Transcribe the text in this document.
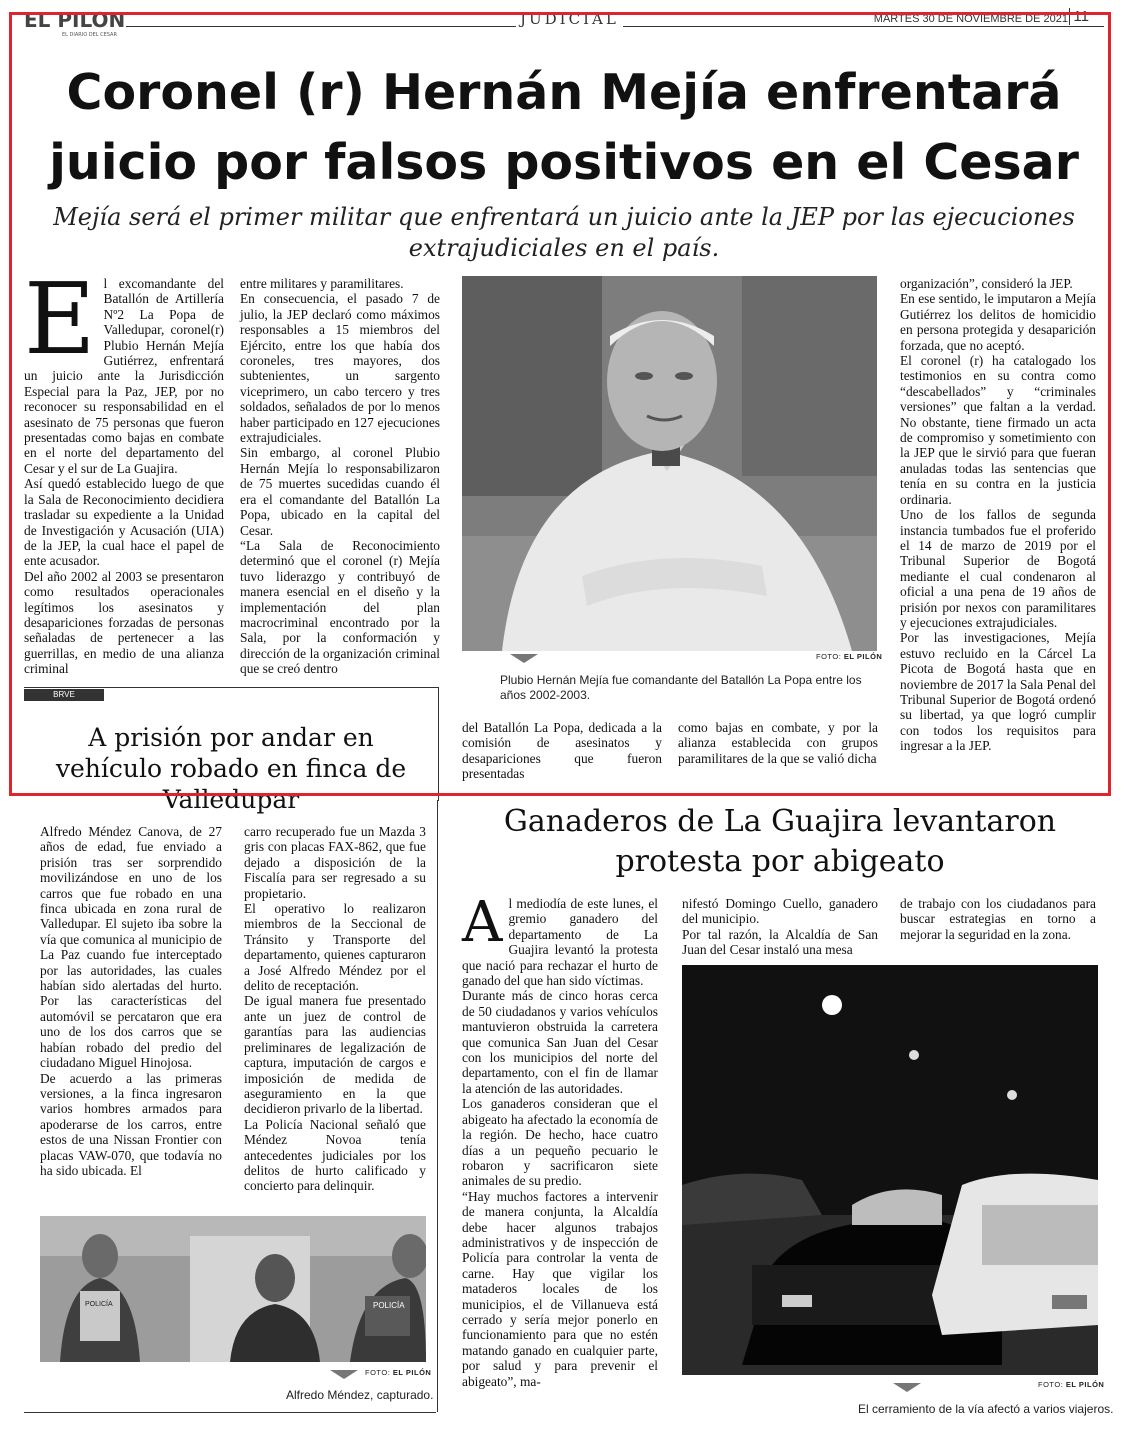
EL PILON
EL DIARIO DEL CESAR
JUDICIAL	MARTES 30 DE NOVIEMBRE DE 2021 11
Coronel (r) Hernán Mejía enfrentará
juicio por falsos positivos en el Cesar
Mejía será el primer militar que enfrentará un juicio ante la JEP por las ejecuciones
extrajudiciales en el país.
E l excomandante del Batallón de Artillería Nº2 La Popa de Valledupar, coronel(r) Plubio Hernán Mejía Gutiérrez, enfrentará un juicio ante la Jurisdicción Especial para la Paz, JEP, por no reconocer su responsabilidad en el asesinato de 75 personas que fueron presentadas como bajas en combate en el norte del departamento del Cesar y el sur de La Guajira.

Así quedó establecido luego de que la Sala de Reconocimiento decidiera trasladar su expediente a la Unidad de Investigación y Acusación (UIA) de la JEP, la cual hace el papel de ente acusador.

Del año 2002 al 2003 se presentaron como resultados operacionales legítimos los asesinatos y desapariciones forzadas de personas señaladas de pertenecer a las guerrillas, en medio de una alianza criminal

entre militares y paramilitares.

En consecuencia, el pasado 7 de julio, la JEP declaró como máximos responsables a 15 miembros del Ejército, entre los que había dos coroneles, tres mayores, dos subtenientes, un sargento viceprimero, un cabo tercero y tres soldados, señalados de por lo menos haber participado en 127 ejecuciones extrajudiciales.

Sin embargo, al coronel Plubio Hernán Mejía lo responsabilizaron de 75 muertes sucedidas cuando él era el comandante del Batallón La Popa, ubicado en la capital del Cesar.

“La Sala de Reconocimiento determinó que el coronel (r) Mejía tuvo liderazgo y contribuyó de manera esencial en el diseño y la implementación del plan macrocriminal encontrado por la Sala, por la conformación y dirección de la organización criminal que se creó dentro

FOTO: EL PILÓN
Plubio Hernán Mejía fue comandante del Batallón La Popa entre los años 2002-2003.

del Batallón La Popa, dedicada a la comisión de asesinatos y desapariciones que fueron presentadas

como bajas en combate, y por la alianza establecida con grupos paramilitares de la que se valió dicha

organización”, consideró la JEP.

En ese sentido, le imputaron a Mejía Gutiérrez los delitos de homicidio en persona protegida y desaparición forzada, que no aceptó.

El coronel (r) ha catalogado los testimonios en su contra como “descabellados” y “criminales versiones” que faltan a la verdad. No obstante, tiene firmado un acta de compromiso y sometimiento con la JEP que le sirvió para que fueran anuladas todas las sentencias que tenía en su contra en la justicia ordinaria.

Uno de los fallos de segunda instancia tumbados fue el proferido el 14 de marzo de 2019 por el Tribunal Superior de Bogotá mediante el cual condenaron al oficial a una pena de 19 años de prisión por nexos con paramilitares y ejecuciones extrajudiciales.

Por las investigaciones, Mejía estuvo recluido en la Cárcel La Picota de Bogotá hasta que en noviembre de 2017 la Sala Penal del Tribunal Superior de Bogotá ordenó su libertad, ya que logró cumplir con todos los requisitos para ingresar a la JEP.

BRVE
A prisión por andar en
vehículo robado en finca de
Valledupar

Alfredo Méndez Canova, de 27 años de edad, fue enviado a prisión tras ser sorprendido movilizándose en uno de los carros que fue robado en una finca ubicada en zona rural de Valledupar. El sujeto iba sobre la vía que comunica al municipio de La Paz cuando fue interceptado por las autoridades, las cuales habían sido alertadas del hurto. Por las características del automóvil se percataron que era uno de los dos carros que se habían robado del predio del ciudadano Miguel Hinojosa.

De acuerdo a las primeras versiones, a la finca ingresaron varios hombres armados para apoderarse de los carros, entre estos de una Nissan Frontier con placas VAW-070, que todavía no ha sido ubicada. El

carro recuperado fue un Mazda 3 gris con placas FAX-862, que fue dejado a disposición de la Fiscalía para ser regresado a su propietario.

El operativo lo realizaron miembros de la Seccional de Tránsito y Transporte del departamento, quienes capturaron a José Alfredo Méndez por el delito de receptación.

De igual manera fue presentado ante un juez de control de garantías para las audiencias preliminares de legalización de captura, imputación de cargos e imposición de medida de aseguramiento en la que decidieron privarlo de la libertad.

La Policía Nacional señaló que Méndez Novoa tenía antecedentes judiciales por los delitos de hurto calificado y concierto para delinquir.

POLICÍA
POLICÍA
FOTO: EL PILÓN
Alfredo Méndez, capturado.
Ganaderos de La Guajira levantaron
protesta por abigeato
A l mediodía de este lunes, el gremio ganadero del departamento de La Guajira levantó la protesta que nació para rechazar el hurto de ganado del que han sido víctimas.

Durante más de cinco horas cerca de 50 ciudadanos y varios vehículos mantuvieron obstruida la carretera que comunica San Juan del Cesar con los municipios del norte del departamento, con el fin de llamar la atención de las autoridades.

Los ganaderos consideran que el abigeato ha afectado la economía de la región. De hecho, hace cuatro días a un pequeño pecuario le robaron y sacrificaron siete animales de su predio.

“Hay muchos factores a intervenir de manera conjunta, la Alcaldía debe hacer algunos trabajos administrativos y de inspección de Policía para controlar la venta de carne. Hay que vigilar los mataderos locales de los municipios, el de Villanueva está cerrado y sería mejor ponerlo en funcionamiento para que no estén matando ganado en cualquier parte, por salud y para prevenir el abigeato”, ma-

nifestó Domingo Cuello, ganadero del municipio.

Por tal razón, la Alcaldía de San Juan del Cesar instaló una mesa

de trabajo con los ciudadanos para buscar estrategias en torno a mejorar la seguridad en la zona.

FOTO: EL PILÓN
El cerramiento de la vía afectó a varios viajeros.
